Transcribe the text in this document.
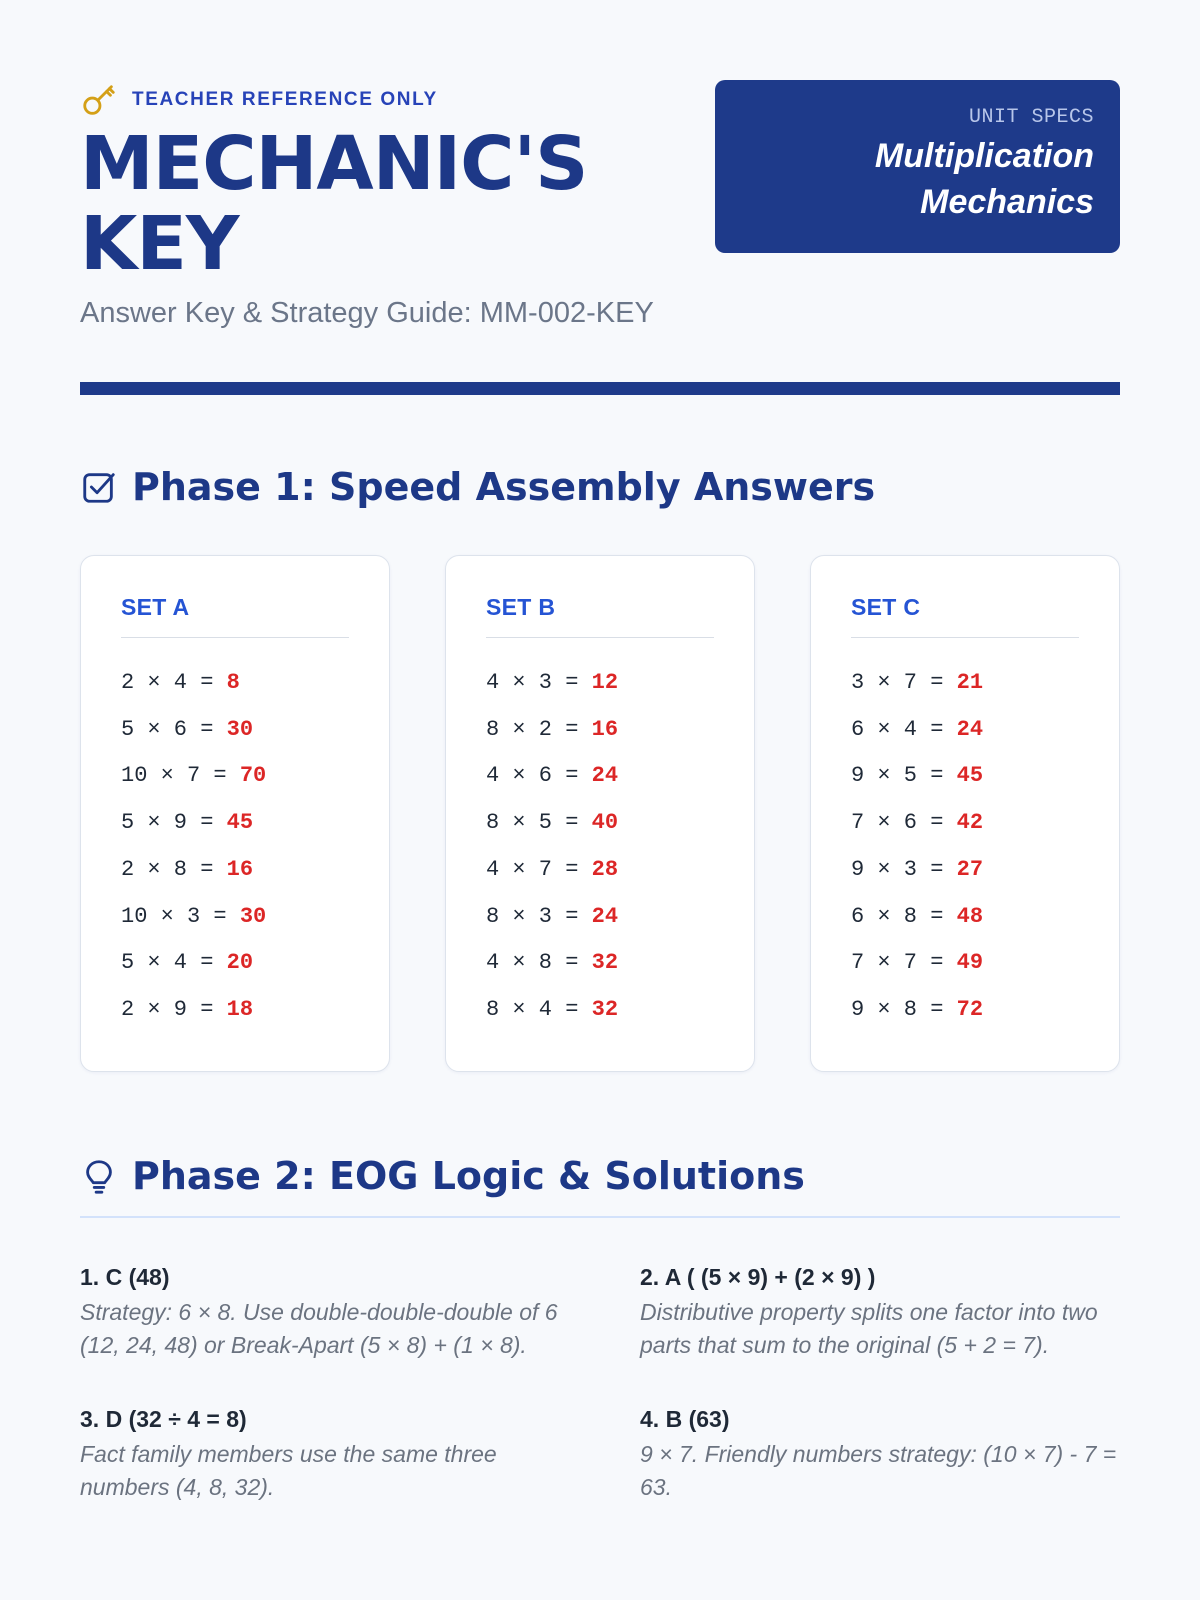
TEACHER REFERENCE ONLY
MECHANIC'S
KEY
Answer Key & Strategy Guide: MM-002-KEY
UNIT SPECS
Multiplication
Mechanics
Phase 1: Speed Assembly Answers
SET A
2 × 4 = 8
5 × 6 = 30
10 × 7 = 70
5 × 9 = 45
2 × 8 = 16
10 × 3 = 30
5 × 4 = 20
2 × 9 = 18
SET B
4 × 3 = 12
8 × 2 = 16
4 × 6 = 24
8 × 5 = 40
4 × 7 = 28
8 × 3 = 24
4 × 8 = 32
8 × 4 = 32
SET C
3 × 7 = 21
6 × 4 = 24
9 × 5 = 45
7 × 6 = 42
9 × 3 = 27
6 × 8 = 48
7 × 7 = 49
9 × 8 = 72
Phase 2: EOG Logic & Solutions
1. C (48)
Strategy: 6 × 8. Use double-double-double of 6 (12, 24, 48) or Break-Apart (5 × 8) + (1 × 8).
2. A ( (5 × 9) + (2 × 9) )
Distributive property splits one factor into two parts that sum to the original (5 + 2 = 7).
3. D (32 ÷ 4 = 8)
Fact family members use the same three numbers (4, 8, 32).
4. B (63)
9 × 7. Friendly numbers strategy: (10 × 7) - 7 = 63.
